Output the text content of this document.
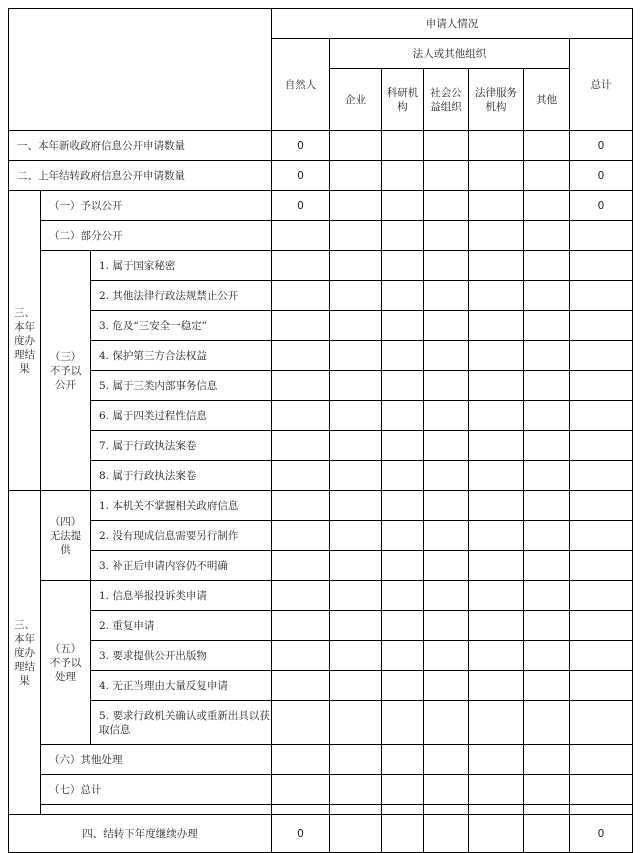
			申请人情况						
			自然人	法人或其他组织					总计
				企业	科研机构	社会公益组织	法律服务机构	其他	
一、本年新收政府信息公开申请数量			0						0
二、上年结转政府信息公开申请数量			0						0
三、本年度办理结果	（一）予以公开		0						0
	（二）部分公开								
	（三）不予以公开	1. 属于国家秘密							
		2. 其他法律行政法规禁止公开							
		3. 危及“三安全一稳定”							
		4. 保护第三方合法权益							
		5. 属于三类内部事务信息							
		6. 属于四类过程性信息							
		7. 属于行政执法案卷							
		8. 属于行政执法案卷							
三、本年度办理结果	（四）无法提供	1. 本机关不掌握相关政府信息							
		2. 没有现成信息需要另行制作							
		3. 补正后申请内容仍不明确							
	（五）不予以处理	1. 信息举报投诉类申请							
		2. 重复申请							
		3. 要求提供公开出版物							
		4. 无正当理由大量反复申请							
		5. 要求行政机关确认或重新出具以获取信息							
	（六）其他处理								
	（七）总计								

四、结转下年度继续办理			0						0
